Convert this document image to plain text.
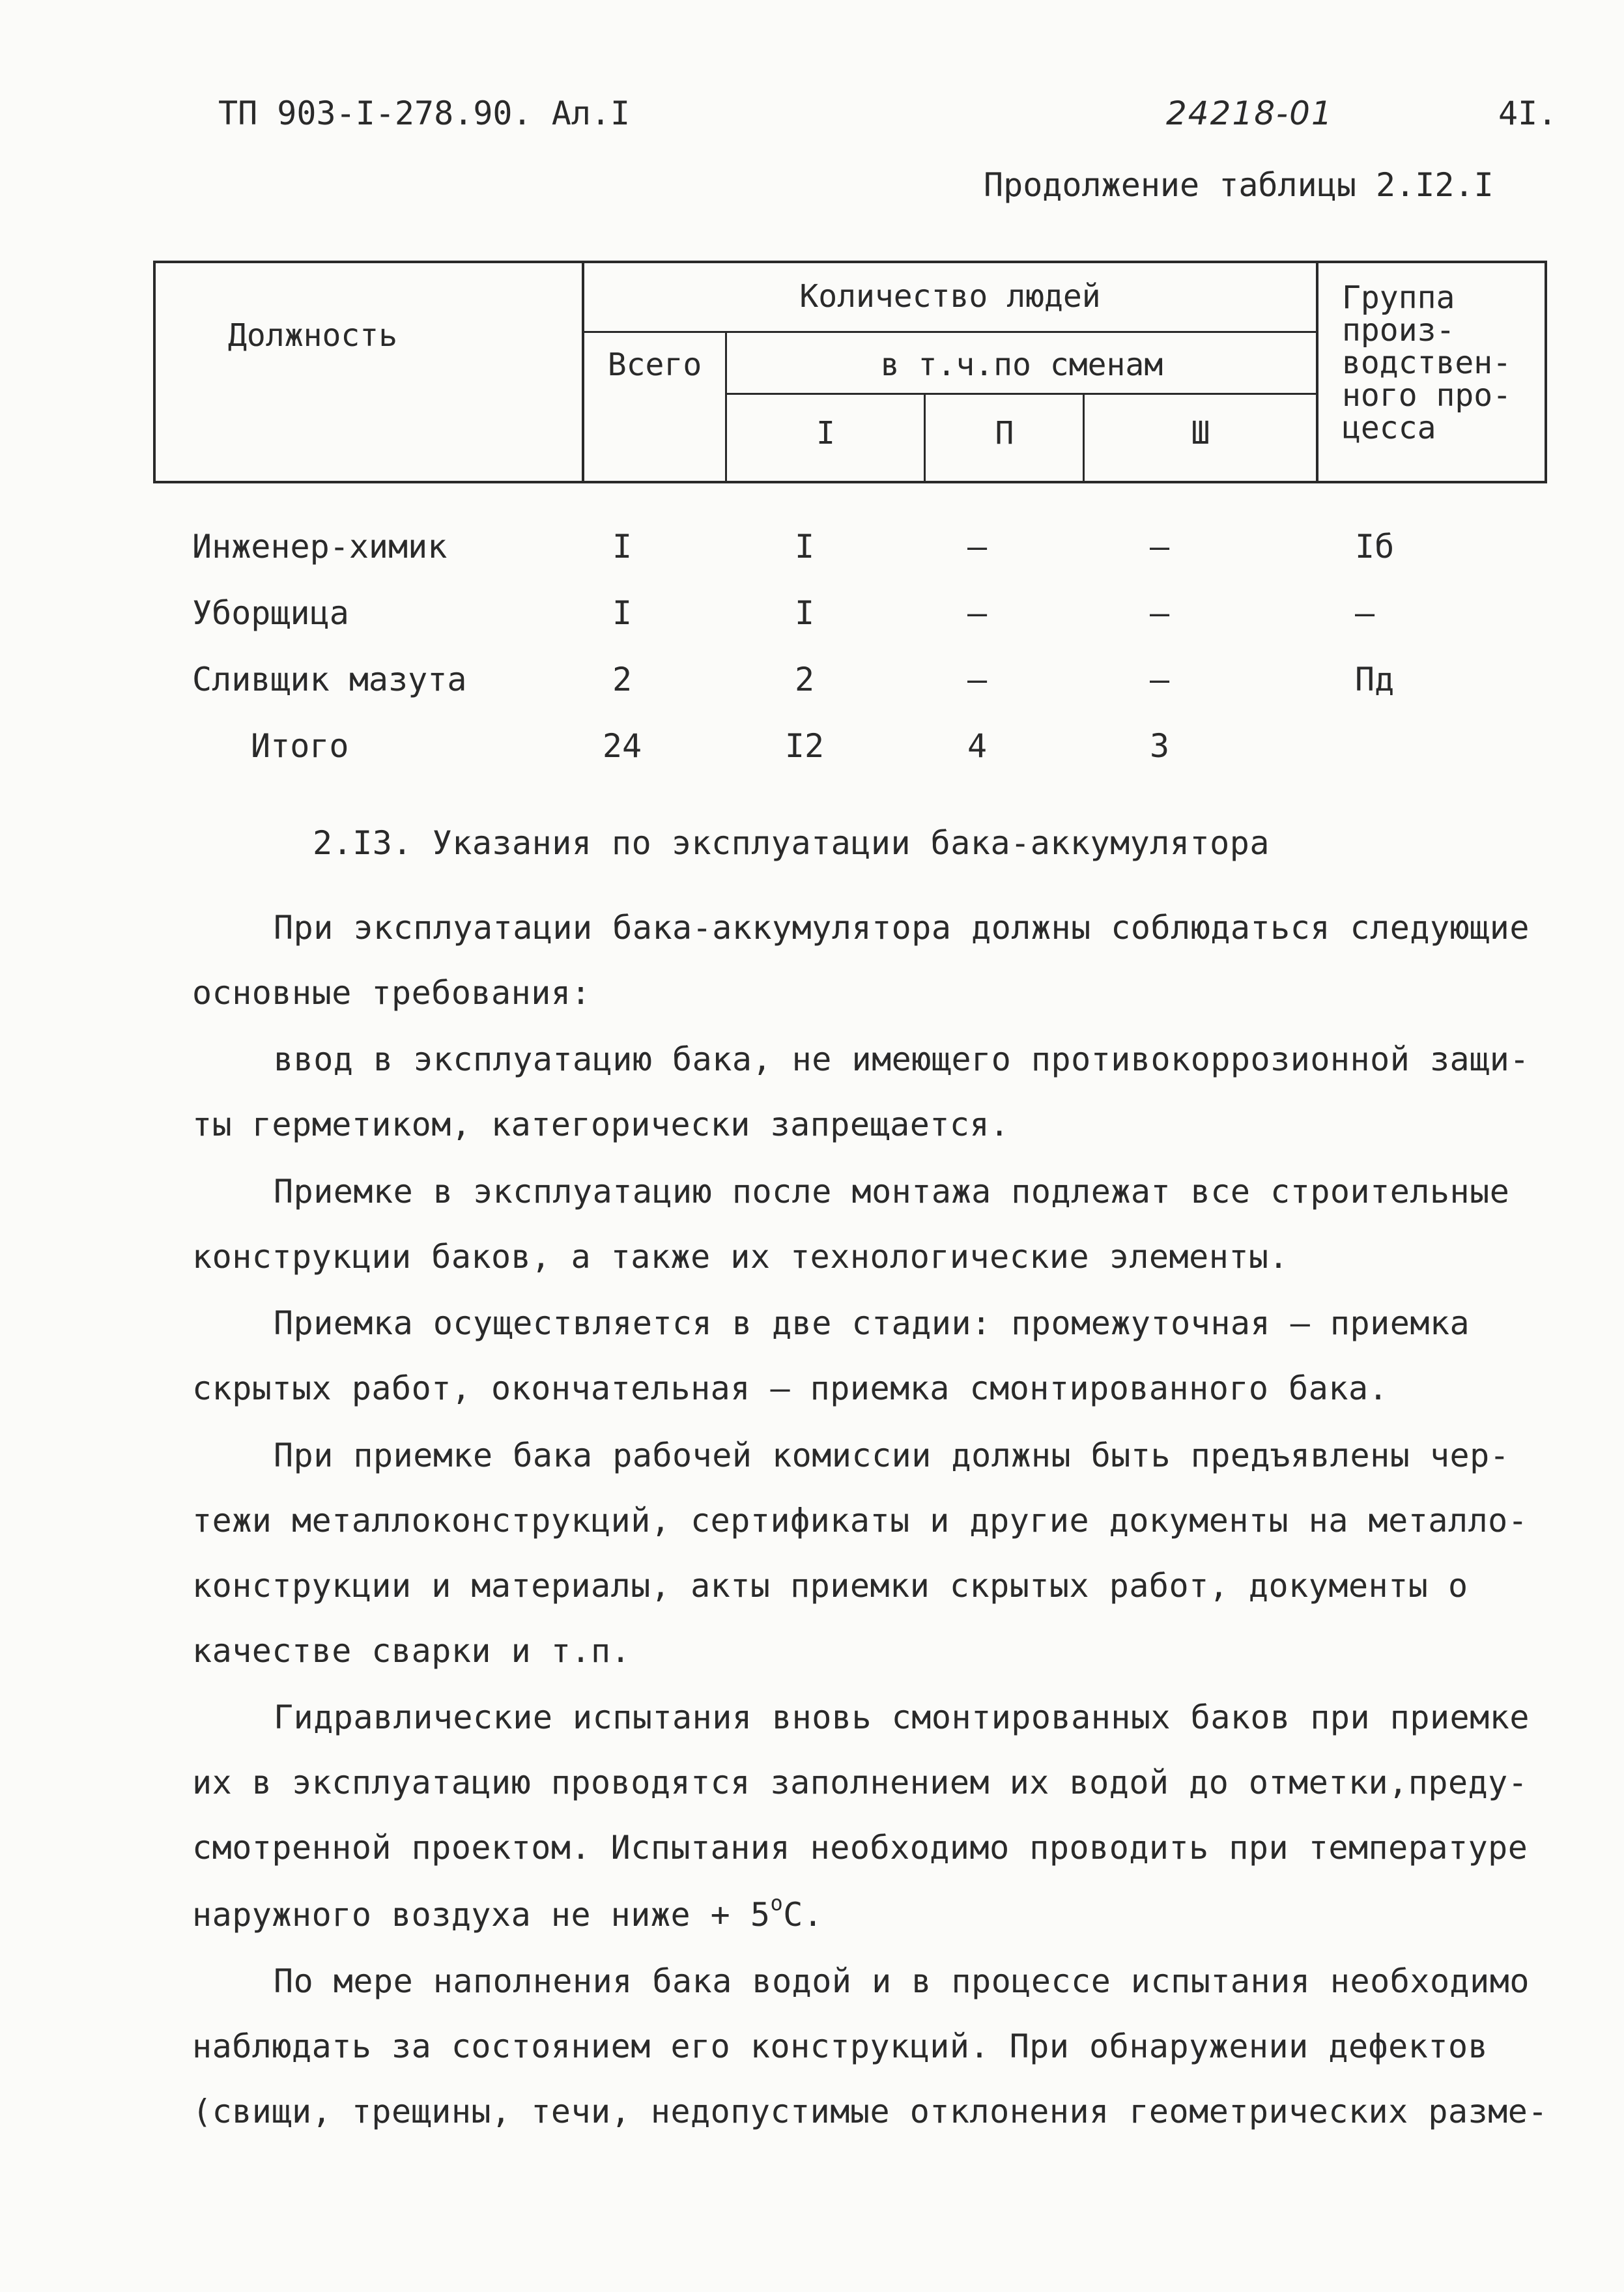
ТП 903-I-278.90. Ал.I	24218-01	4I.
Продолжение таблицы 2.I2.I
Должность
Количество людей
Всего	в т.ч.по сменам
I	П	Ш
Группа
произ-
водствен-
ного про-
цесса
Инженер-химик	I	I	–	–	Iб
Уборщица	I	I	–	–	–
Сливщик мазута	2	2	–	–	Пд
Итого	24	I2	4	3
2.I3. Указания по эксплуатации бака-аккумулятора
При эксплуатации бака-аккумулятора должны соблюдаться следующие
основные требования:
ввод в эксплуатацию бака, не имеющего противокоррозионной защи-
ты герметиком, категорически запрещается.
Приемке в эксплуатацию после монтажа подлежат все строительные
конструкции баков, а также их технологические элементы.
Приемка осуществляется в две стадии: промежуточная – приемка
скрытых работ, окончательная – приемка смонтированного бака.
При приемке бака рабочей комиссии должны быть предъявлены чер-
тежи металлоконструкций, сертификаты и другие документы на металло-
конструкции и материалы, акты приемки скрытых работ, документы о
качестве сварки и т.п.
Гидравлические испытания вновь смонтированных баков при приемке
их в эксплуатацию проводятся заполнением их водой до отметки,преду-
смотренной проектом. Испытания необходимо проводить при температуре
наружного воздуха не ниже + $5^оС$.
По мере наполнения бака водой и в процессе испытания необходимо
наблюдать за состоянием его конструкций. При обнаружении дефектов
(свищи, трещины, течи, недопустимые отклонения геометрических разме-
